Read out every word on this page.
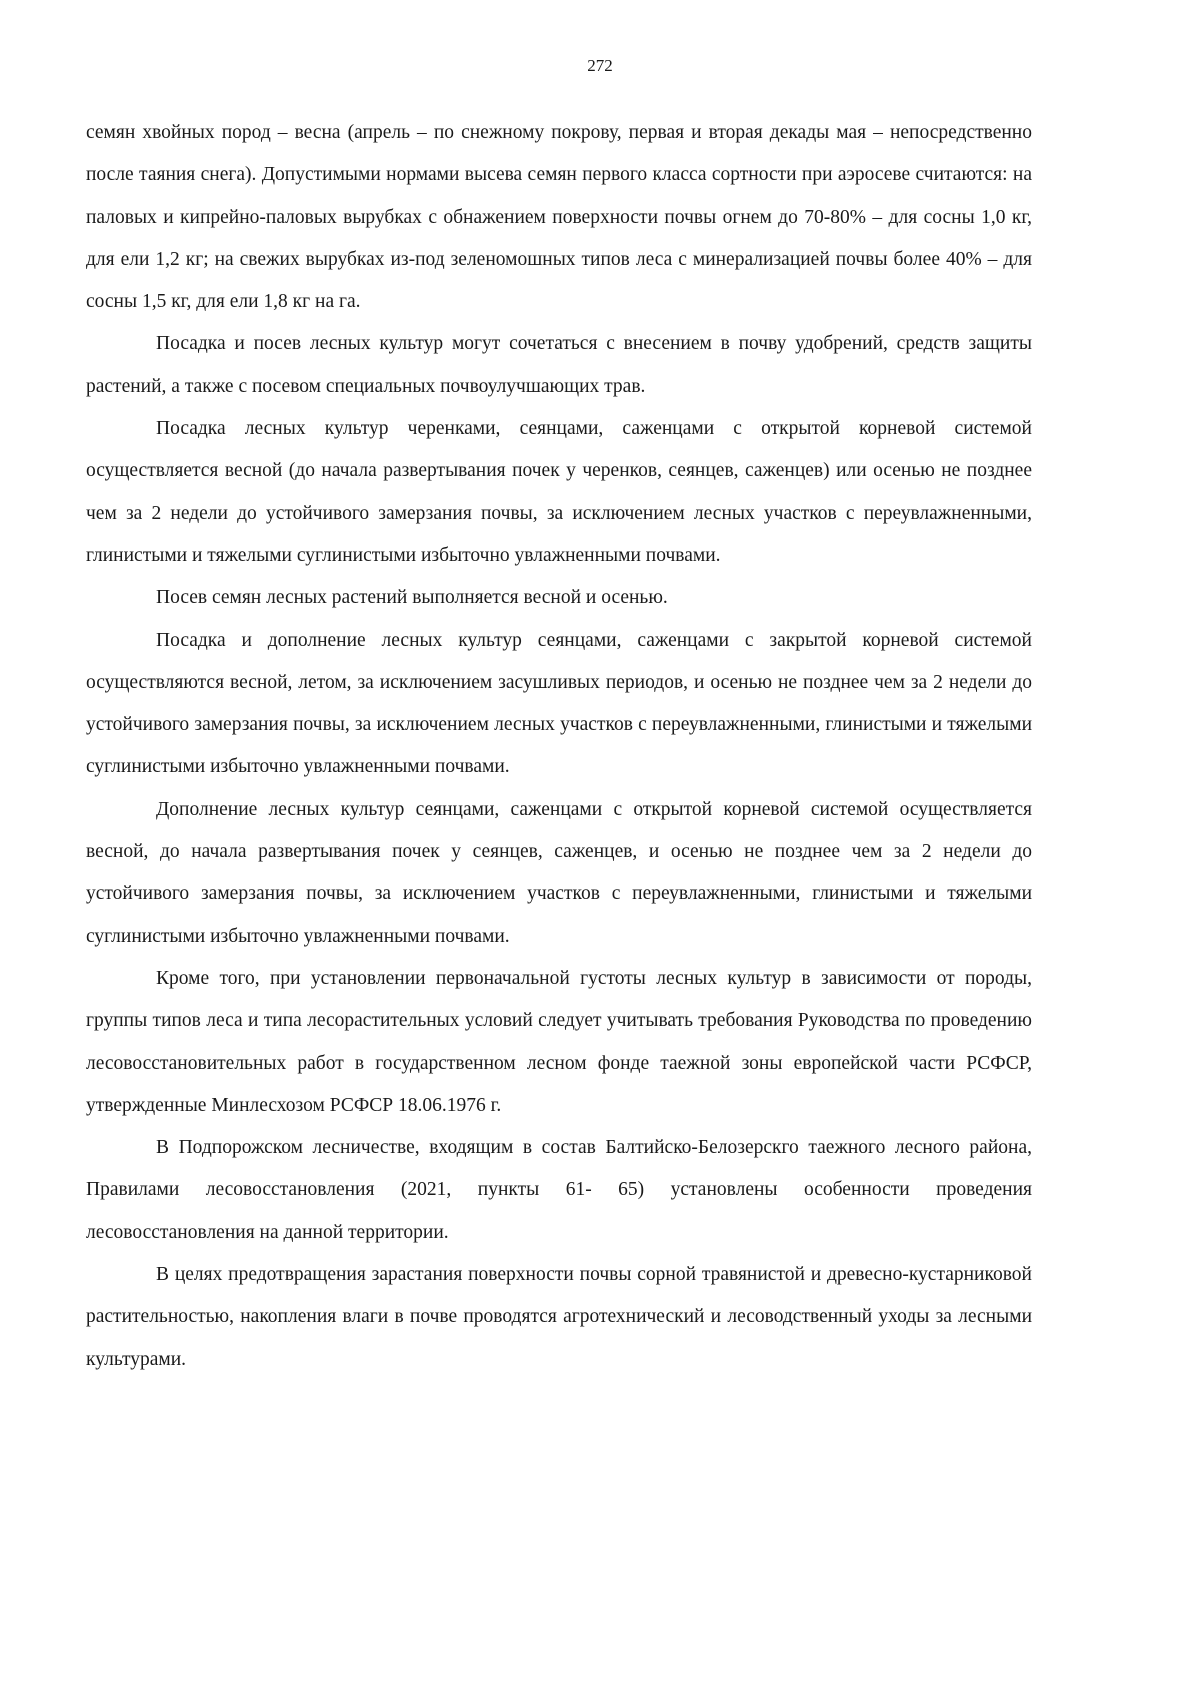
272

семян хвойных пород – весна (апрель – по снежному покрову, первая и вторая декады мая – непосредственно после таяния снега). Допустимыми нормами высева семян первого класса сортности при аэросеве считаются: на паловых и кипрейно-паловых вырубках с обнажением поверхности почвы огнем до 70-80% – для сосны 1,0 кг, для ели 1,2 кг; на свежих вырубках из-под зеленомошных типов леса с минерализацией почвы более 40% – для сосны 1,5 кг, для ели 1,8 кг на га.

Посадка и посев лесных культур могут сочетаться с внесением в почву удобрений, средств защиты растений, а также с посевом специальных почвоулучшающих трав.

Посадка лесных культур черенками, сеянцами, саженцами с открытой корневой системой осуществляется весной (до начала развертывания почек у черенков, сеянцев, саженцев) или осенью не позднее чем за 2 недели до устойчивого замерзания почвы, за исключением лесных участков с переувлажненными, глинистыми и тяжелыми суглинистыми избыточно увлажненными почвами.

Посев семян лесных растений выполняется весной и осенью.

Посадка и дополнение лесных культур сеянцами, саженцами с закрытой корневой системой осуществляются весной, летом, за исключением засушливых периодов, и осенью не позднее чем за 2 недели до устойчивого замерзания почвы, за исключением лесных участков с переувлажненными, глинистыми и тяжелыми суглинистыми избыточно увлажненными почвами.

Дополнение лесных культур сеянцами, саженцами с открытой корневой системой осуществляется весной, до начала развертывания почек у сеянцев, саженцев, и осенью не позднее чем за 2 недели до устойчивого замерзания почвы, за исключением участков с переувлажненными, глинистыми и тяжелыми суглинистыми избыточно увлажненными почвами.

Кроме того, при установлении первоначальной густоты лесных культур в зависимости от породы, группы типов леса и типа лесорастительных условий следует учитывать требования Руководства по проведению лесовосстановительных работ в государственном лесном фонде таежной зоны европейской части РСФСР, утвержденные Минлесхозом РСФСР 18.06.1976 г.

В Подпорожском лесничестве, входящим в состав Балтийско-Белозерскго таежного лесного района, Правилами лесовосстановления (2021, пункты 61- 65) установлены особенности проведения лесовосстановления на данной территории.

В целях предотвращения зарастания поверхности почвы сорной травянистой и древесно-кустарниковой растительностью, накопления влаги в почве проводятся агротехнический и лесоводственный уходы за лесными культурами.
